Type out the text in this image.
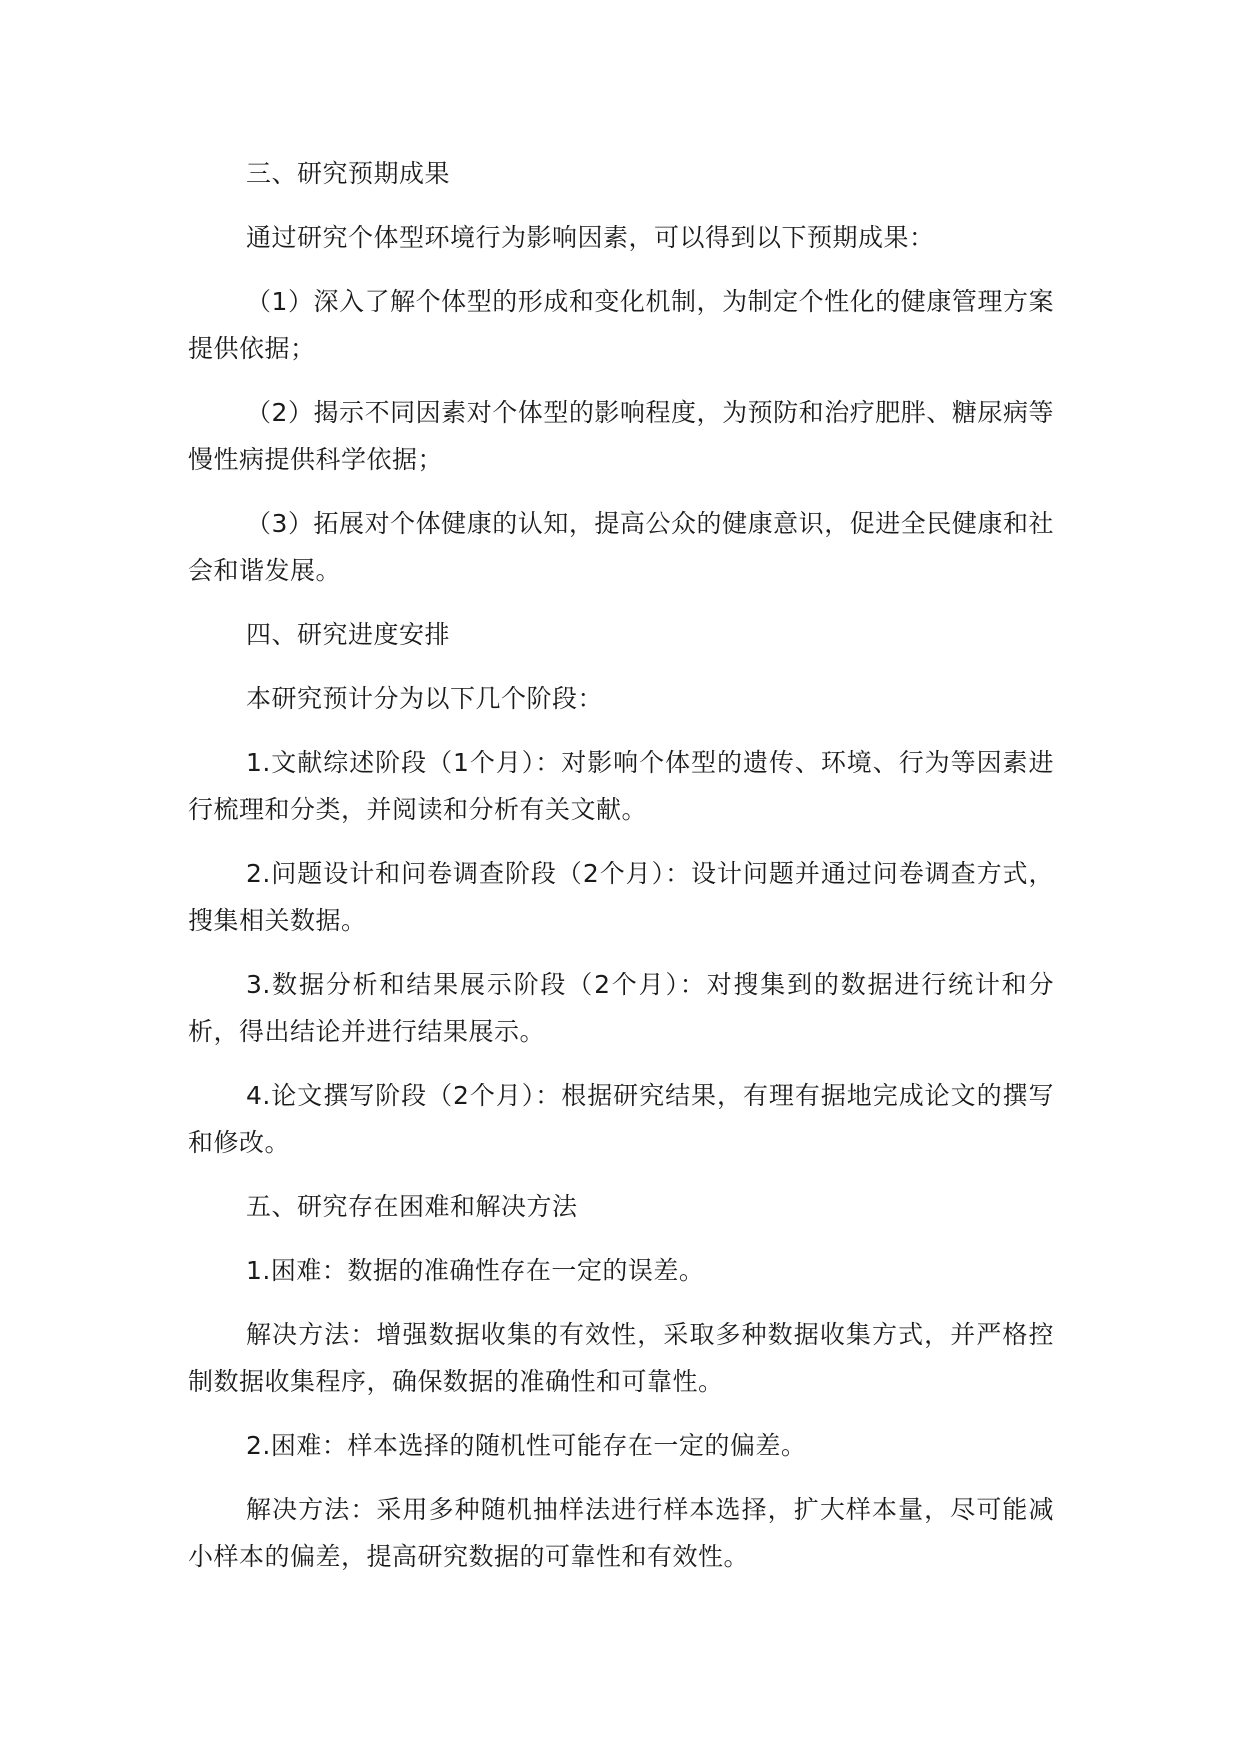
三、研究预期成果

通过研究个体型环境行为影响因素，可以得到以下预期成果：

（1）深入了解个体型的形成和变化机制，为制定个性化的健康管理方案提供依据；

（2）揭示不同因素对个体型的影响程度，为预防和治疗肥胖、糖尿病等慢性病提供科学依据；

（3）拓展对个体健康的认知，提高公众的健康意识，促进全民健康和社会和谐发展。

四、研究进度安排

本研究预计分为以下几个阶段：

1.文献综述阶段（1个月）：对影响个体型的遗传、环境、行为等因素进行梳理和分类，并阅读和分析有关文献。

2.问题设计和问卷调查阶段（2个月）：设计问题并通过问卷调查方式，搜集相关数据。

3.数据分析和结果展示阶段（2个月）：对搜集到的数据进行统计和分析，得出结论并进行结果展示。

4.论文撰写阶段（2个月）：根据研究结果，有理有据地完成论文的撰写和修改。

五、研究存在困难和解决方法

1.困难：数据的准确性存在一定的误差。

解决方法：增强数据收集的有效性，采取多种数据收集方式，并严格控制数据收集程序，确保数据的准确性和可靠性。

2.困难：样本选择的随机性可能存在一定的偏差。

解决方法：采用多种随机抽样法进行样本选择，扩大样本量，尽可能减小样本的偏差，提高研究数据的可靠性和有效性。
